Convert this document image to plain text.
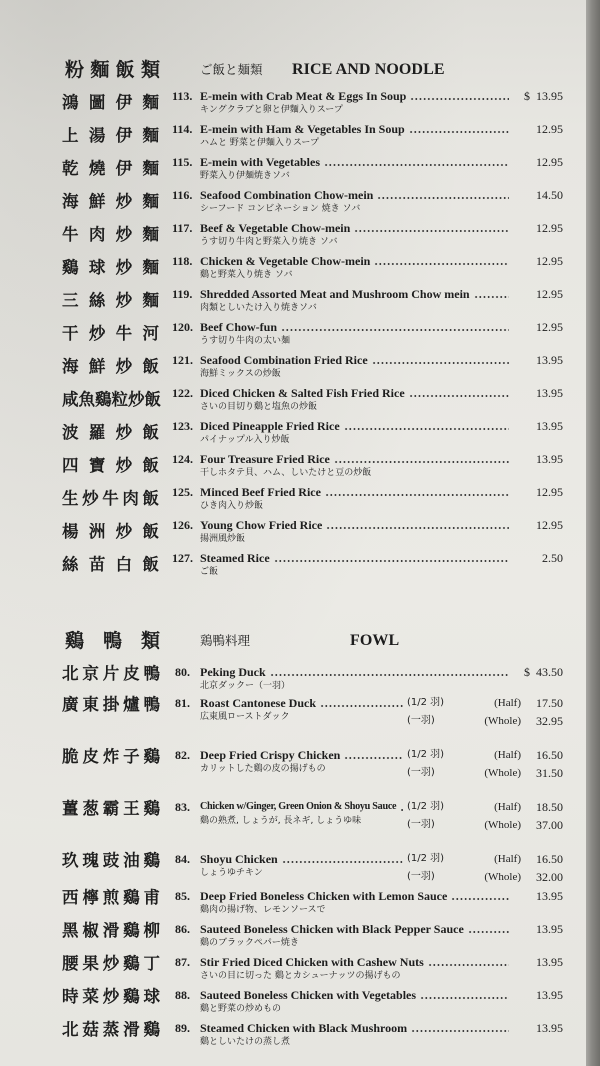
粉麵飯類	ご飯と麺類 RICE AND NOODLE
鴻圖伊麵 113. E-mein with Crab Meat & Eggs In Soup	$ 13.95
キングクラブと卵と伊麵入りスープ
上湯伊麵 114. E-mein with Ham & Vegetables In Soup	12.95
ハムと 野菜と伊麵入りスープ
乾燒伊麵 115. E-mein with Vegetables	12.95
野菜入り伊麺焼きソバ
海鮮炒麵 116. Seafood Combination Chow-mein	14.50
シーフード コンビネーション 焼き ソバ
牛肉炒麵 117. Beef & Vegetable Chow-mein	12.95
うす切り牛肉と野菜入り焼き ソバ
鷄球炒麵 118. Chicken & Vegetable Chow-mein	12.95
鷄と野菜入り焼き ソバ
三絲炒麵 119. Shredded Assorted Meat and Mushroom Chow mein	12.95
肉類としいたけ入り焼きソバ
干炒牛河 120. Beef Chow-fun	12.95
うす切り牛肉の太い麺
海鮮炒飯 121. Seafood Combination Fried Rice	13.95
海鮮ミックスの炒飯
咸魚鷄粒炒飯 122. Diced Chicken & Salted Fish Fried Rice	13.95
さいの目切り鷄と塩魚の炒飯
波羅炒飯 123. Diced Pineapple Fried Rice	13.95
パイナップル入り炒飯
四寶炒飯 124. Four Treasure Fried Rice	13.95
干しホタテ貝、ハム、しいたけと豆の炒飯
生炒牛肉飯 125. Minced Beef Fried Rice	12.95
ひき肉入り炒飯
楊洲炒飯 126. Young Chow Fried Rice	12.95
揚洲風炒飯
絲苗白飯 127. Steamed Rice	2.50
ご飯
鷄鴨類	鶏鴨料理	FOWL
北京片皮鴨 80. Peking Duck	$ 43.50
北京ダックー（一羽）
廣東掛爐鴨 81. Roast Cantonese Duck	(1/2 羽)	(Half)	17.50
広東風ローストダック	(一羽)	(Whole)	32.95
脆皮炸子鷄 82. Deep Fried Crispy Chicken	(1/2 羽)	(Half)	16.50
カリットした鷄の皮の揚げもの	(一羽)	(Whole)	31.50
薑葱霸王鷄 83. Chicken w/Ginger, Green Onion & Shoyu Sauce (1/2 羽)	(Half)	18.50
鷄の熟煮, しょうが, 長ネギ, しょうゆ味	(一羽)	(Whole)	37.00
玖瑰豉油鷄 84. Shoyu Chicken	(1/2 羽)	(Half)	16.50
しょうゆチキン	(一羽)	(Whole)	32.00
西檸煎鷄甫 85. Deep Fried Boneless Chicken with Lemon Sauce	13.95
鷄肉の揚げ物、レモンソースで
黑椒滑鷄柳 86. Sauteed Boneless Chicken with Black Pepper Sauce	13.95
鷄のブラックペパー焼き
腰果炒鷄丁 87. Stir Fried Diced Chicken with Cashew Nuts	13.95
さいの目に切った 鷄とカシューナッツの揚げもの
時菜炒鷄球 88. Sauteed Boneless Chicken with Vegetables	13.95
鷄と野菜の炒めもの
北菇蒸滑鷄 89. Steamed Chicken with Black Mushroom	13.95
鷄としいたけの蒸し煮
